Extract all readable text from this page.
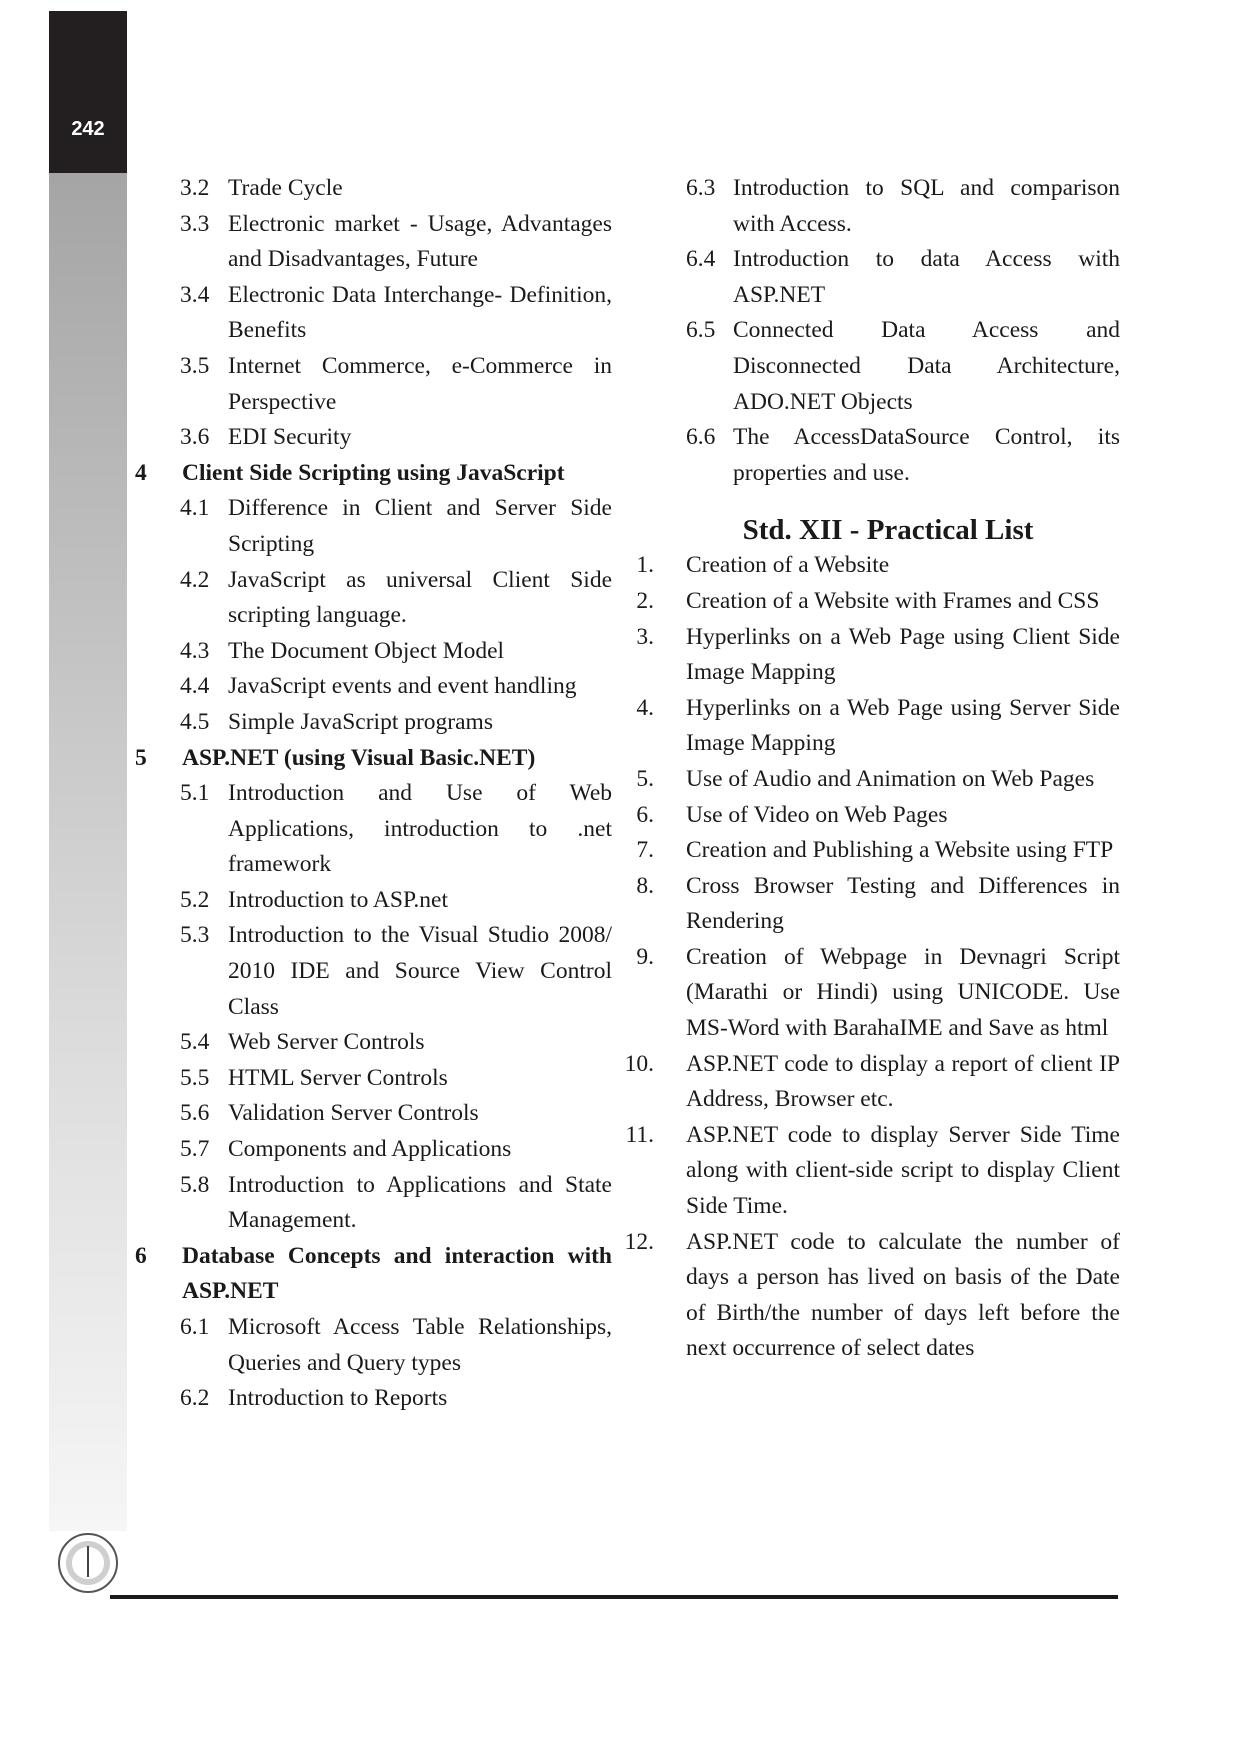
242
3.2 Trade Cycle
3.3 Electronic market - Usage, Advantages and Disadvantages, Future
3.4 Electronic Data Interchange- Definition, Benefits
3.5 Internet Commerce, e-Commerce in Perspective
3.6 EDI Security
4 Client Side Scripting using JavaScript
4.1 Difference in Client and Server Side Scripting
4.2 JavaScript as universal Client Side scripting language.
4.3 The Document Object Model
4.4 JavaScript events and event handling
4.5 Simple JavaScript programs
5 ASP.NET (using Visual Basic.NET)
5.1 Introduction and Use of Web Applications, introduction to .net framework
5.2 Introduction to ASP.net
5.3 Introduction to the Visual Studio 2008/ 2010 IDE and Source View Control Class
5.4 Web Server Controls
5.5 HTML Server Controls
5.6 Validation Server Controls
5.7 Components and Applications
5.8 Introduction to Applications and State Management.
6 Database Concepts and interaction with ASP.NET
6.1 Microsoft Access Table Relationships, Queries and Query types
6.2 Introduction to Reports
6.3 Introduction to SQL and comparison with Access.
6.4 Introduction to data Access with ASP.NET
6.5 Connected Data Access and Disconnected Data Architecture, ADO.NET Objects
6.6 The AccessDataSource Control, its properties and use.
Std. XII - Practical List
1. Creation of a Website
2. Creation of a Website with Frames and CSS
3. Hyperlinks on a Web Page using Client Side Image Mapping
4. Hyperlinks on a Web Page using Server Side Image Mapping
5. Use of Audio and Animation on Web Pages
6. Use of Video on Web Pages
7. Creation and Publishing a Website using FTP
8. Cross Browser Testing and Differences in Rendering
9. Creation of Webpage in Devnagri Script (Marathi or Hindi) using UNICODE. Use MS-Word with BarahaIME and Save as html
10. ASP.NET code to display a report of client IP Address, Browser etc.
11. ASP.NET code to display Server Side Time along with client-side script to display Client Side Time.
12. ASP.NET code to calculate the number of days a person has lived on basis of the Date of Birth/the number of days left before the next occurrence of select dates
